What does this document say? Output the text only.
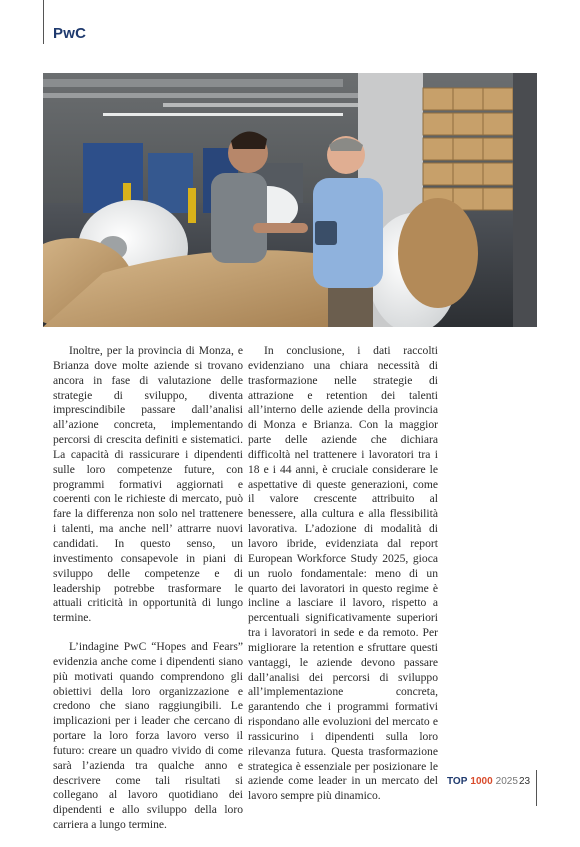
PwC

Inoltre, per la provincia di Monza, e Brianza dove molte aziende si trovano ancora in fase di valutazione delle strategie di sviluppo, diventa imprescindibile passare dall’analisi all’azione concreta, implementando percorsi di crescita definiti e sistematici. La capacità di rassicurare i dipendenti sulle loro competenze future, con programmi formativi aggiornati e coerenti con le richieste di mercato, può fare la differenza non solo nel trattenere i talenti, ma anche nell’ attrarre nuovi candidati. In questo senso, un investimento consapevole in piani di sviluppo delle competenze e di leadership potrebbe trasformare le attuali criticità in opportunità di lungo termine.

L’indagine PwC “Hopes and Fears” evidenzia anche come i dipendenti siano più motivati quando comprendono gli obiettivi della loro organizzazione e credono che siano raggiungibili. Le implicazioni per i leader che cercano di portare la loro forza lavoro verso il futuro: creare un quadro vivido di come sarà l’azienda tra qualche anno e descrivere come tali risultati si collegano al lavoro quotidiano dei dipendenti e allo sviluppo della loro carriera a lungo termine.

In conclusione, i dati raccolti evidenziano una chiara necessità di trasformazione nelle strategie di attrazione e retention dei talenti all’interno delle aziende della provincia di Monza e Brianza. Con la maggior parte delle aziende che dichiara difficoltà nel trattenere i lavoratori tra i 18 e i 44 anni, è cruciale considerare le aspettative di queste generazioni, come il valore crescente attribuito al benessere, alla cultura e alla flessibilità lavorativa. L’adozione di modalità di lavoro ibride, evidenziata dal report European Workforce Study 2025, gioca un ruolo fondamentale: meno di un quarto dei lavoratori in questo regime è incline a lasciare il lavoro, rispetto a percentuali significativamente superiori tra i lavoratori in sede e da remoto. Per migliorare la retention e sfruttare questi vantaggi, le aziende devono passare dall’analisi dei percorsi di sviluppo all’implementazione concreta, garantendo che i programmi formativi rispondano alle evoluzioni del mercato e rassicurino i dipendenti sulla loro rilevanza futura. Questa trasformazione strategica è essenziale per posizionare le aziende come leader in un mercato del lavoro sempre più dinamico.

TOP 1000 2025 23
